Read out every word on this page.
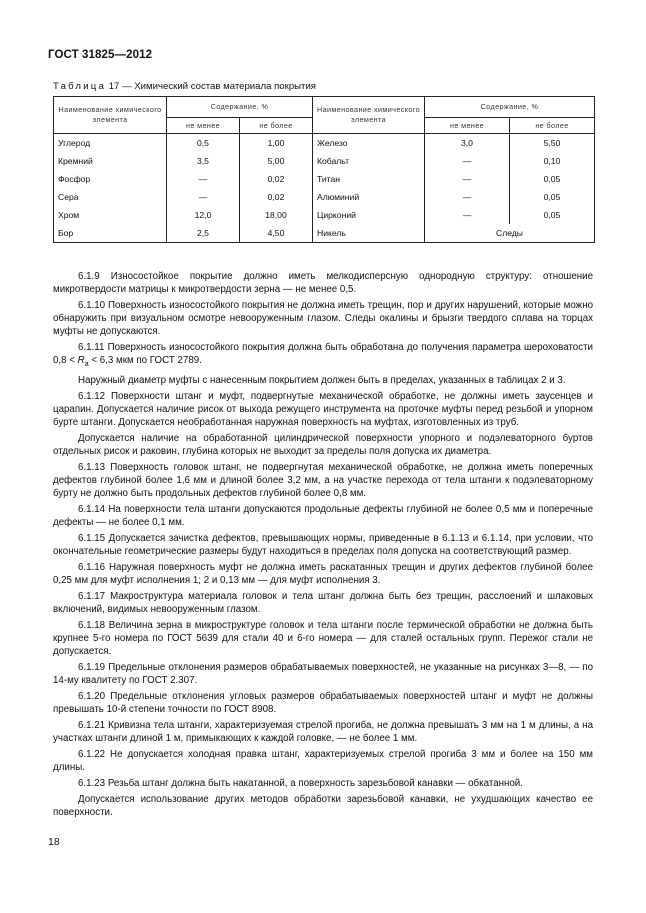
ГОСТ 31825—2012
Таблица 17 — Химический состав материала покрытия
Наименование химического элемента	Содержание, %		Наименование химического элемента	Содержание, %	
	не менее	не более		не менее	не более
Углерод	0,5	1,00	Железо	3,0	5,50
Кремний	3,5	5,00	Кобальт	—	0,10
Фосфор	—	0,02	Титан	—	0,05
Сера	—	0,02	Алюминий	—	0,05
Хром	12,0	18,00	Цирконий	—	0,05
Бор	2,5	4,50	Никель	Следы	

6.1.9 Износостойкое покрытие должно иметь мелкодисперсную однородную структуру: отношение микротвердости матрицы к микротвердости зерна — не менее 0,5.

6.1.10 Поверхность износостойкого покрытия не должна иметь трещин, пор и других нарушений, которые можно обнаружить при визуальном осмотре невооруженным глазом. Следы окалины и брызги твердого сплава на торцах муфты не допускаются.

6.1.11 Поверхность износостойкого покрытия должна быть обработана до получения параметра шероховатости $0,8 < R_a < 6,3$ мкм по ГОСТ 2789.

Наружный диаметр муфты с нанесенным покрытием должен быть в пределах, указанных в таблицах 2 и 3.

6.1.12 Поверхности штанг и муфт, подвергнутые механической обработке, не должны иметь заусенцев и царапин. Допускается наличие рисок от выхода режущего инструмента на проточке муфты перед резьбой и упорном бурте штанги. Допускается необработанная наружная поверхность на муфтах, изготовленных из труб.

Допускается наличие на обработанной цилиндрической поверхности упорного и подэлеваторного буртов отдельных рисок и раковин, глубина которых не выходит за пределы поля допуска их диаметра.

6.1.13 Поверхность головок штанг, не подвергнутая механической обработке, не должна иметь поперечных дефектов глубиной более 1,6 мм и длиной более 3,2 мм, а на участке перехода от тела штанги к подэлеваторному бурту не должно быть продольных дефектов глубиной более 0,8 мм.

6.1.14 На поверхности тела штанги допускаются продольные дефекты глубиной не более 0,5 мм и поперечные дефекты — не более 0,1 мм.

6.1.15 Допускается зачистка дефектов, превышающих нормы, приведенные в 6.1.13 и 6.1.14, при условии, что окончательные геометрические размеры будут находиться в пределах поля допуска на соответствующий размер.

6.1.16 Наружная поверхность муфт не должна иметь раскатанных трещин и других дефектов глубиной более 0,25 мм для муфт исполнения 1; 2 и 0,13 мм — для муфт исполнения 3.

6.1.17 Макроструктура материала головок и тела штанг должна быть без трещин, расслоений и шлаковых включений, видимых невооруженным глазом.

6.1.18 Величина зерна в микроструктуре головок и тела штанги после термической обработки не должна быть крупнее 5-го номера по ГОСТ 5639 для стали 40 и 6-го номера — для сталей остальных групп. Пережог стали не допускается.

6.1.19 Предельные отклонения размеров обрабатываемых поверхностей, не указанные на рисунках 3—8, — по 14-му квалитету по ГОСТ 2.307.

6.1.20 Предельные отклонения угловых размеров обрабатываемых поверхностей штанг и муфт не должны превышать 10-й степени точности по ГОСТ 8908.

6.1.21 Кривизна тела штанги, характеризуемая стрелой прогиба, не должна превышать 3 мм на 1 м длины, а на участках штанги длиной 1 м, примыкающих к каждой головке, — не более 1 мм.

6.1.22 Не допускается холодная правка штанг, характеризуемых стрелой прогиба 3 мм и более на 150 мм длины.

6.1.23 Резьба штанг должна быть накатанной, а поверхность зарезьбовой канавки — обкатанной.

Допускается использование других методов обработки зарезьбовой канавки, не ухудшающих качество ее поверхности.

18
